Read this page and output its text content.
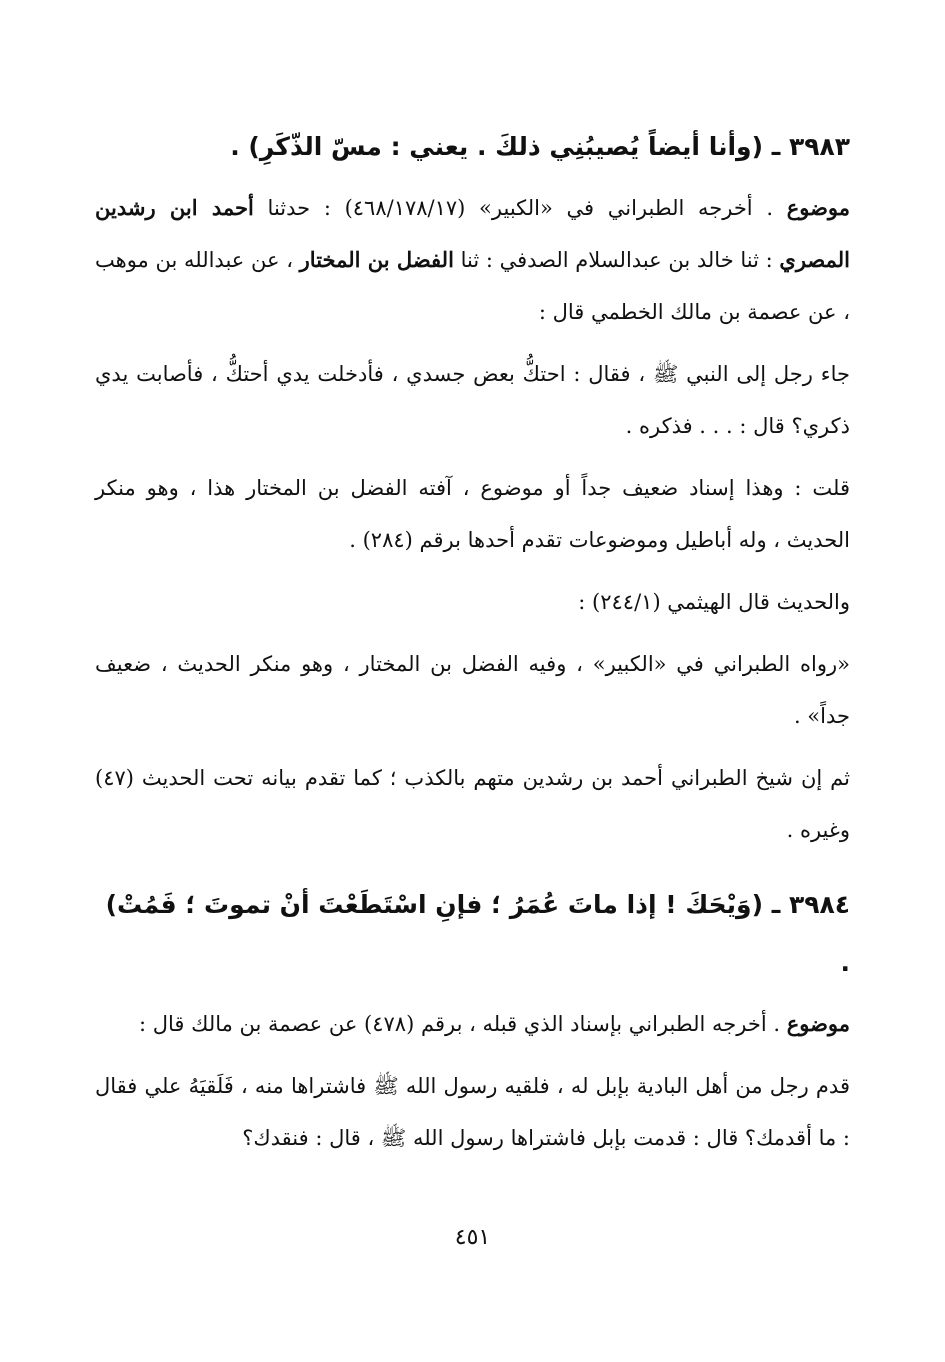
٣٩٨٣ ـ (وأنا أيضاً يُصيبُنِي ذلكَ . يعني : مسّ الذّكَرِ) .

موضوع . أخرجه الطبراني في «الكبير» (٤٦٨/١٧٨/١٧) : حدثنا أحمد ابن رشدين المصري : ثنا خالد بن عبدالسلام الصدفي : ثنا الفضل بن المختار ، عن عبدالله بن موهب ، عن عصمة بن مالك الخطمي قال :

جاء رجل إلى النبي ﷺ ، فقال : احتكُّ بعض جسدي ، فأدخلت يدي أحتكُّ ، فأصابت يدي ذكري؟ قال : . . . فذكره .

قلت : وهذا إسناد ضعيف جداً أو موضوع ، آفته الفضل بن المختار هذا ، وهو منكر الحديث ، وله أباطيل وموضوعات تقدم أحدها برقم (٢٨٤) .

والحديث قال الهيثمي (٢٤٤/١) :

«رواه الطبراني في «الكبير» ، وفيه الفضل بن المختار ، وهو منكر الحديث ، ضعيف جداً» .

ثم إن شيخ الطبراني أحمد بن رشدين متهم بالكذب ؛ كما تقدم بيانه تحت الحديث (٤٧) وغيره .

٣٩٨٤ ـ (وَيْحَكَ ! إذا ماتَ عُمَرُ ؛ فإنِ اسْتَطَعْتَ أنْ تموتَ ؛ فَمُتْ) .

موضوع . أخرجه الطبراني بإسناد الذي قبله ، برقم (٤٧٨) عن عصمة بن مالك قال :

قدم رجل من أهل البادية بإبل له ، فلقيه رسول الله ﷺ فاشتراها منه ، فَلَقيَهُ علي فقال : ما أقدمك؟ قال : قدمت بإبل فاشتراها رسول الله ﷺ ، قال : فنقدك؟

٤٥١
